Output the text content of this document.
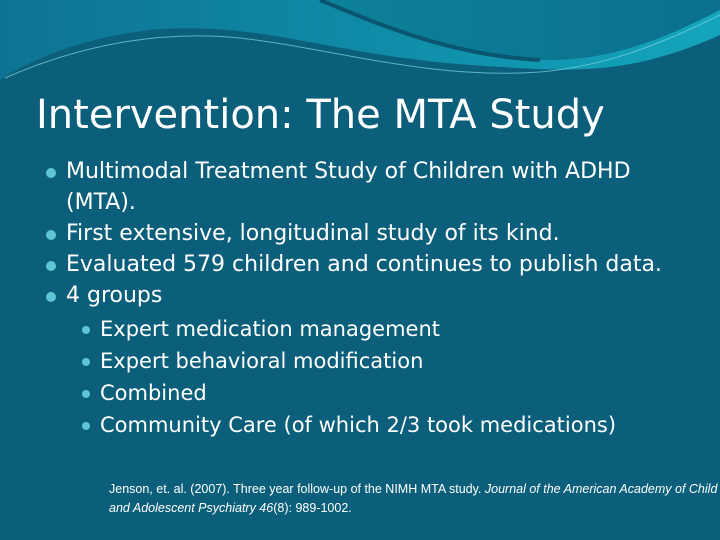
Intervention: The MTA Study
Multimodal Treatment Study of Children with ADHD (MTA).
First extensive, longitudinal study of its kind.
Evaluated 579 children and continues to publish data.
4 groups
Expert medication management
Expert behavioral modification
Combined
Community Care (of which 2/3 took medications)
Jenson, et. al. (2007). Three year follow-up of the NIMH MTA study. Journal of the American Academy of Child and Adolescent Psychiatry 46(8): 989-1002.
